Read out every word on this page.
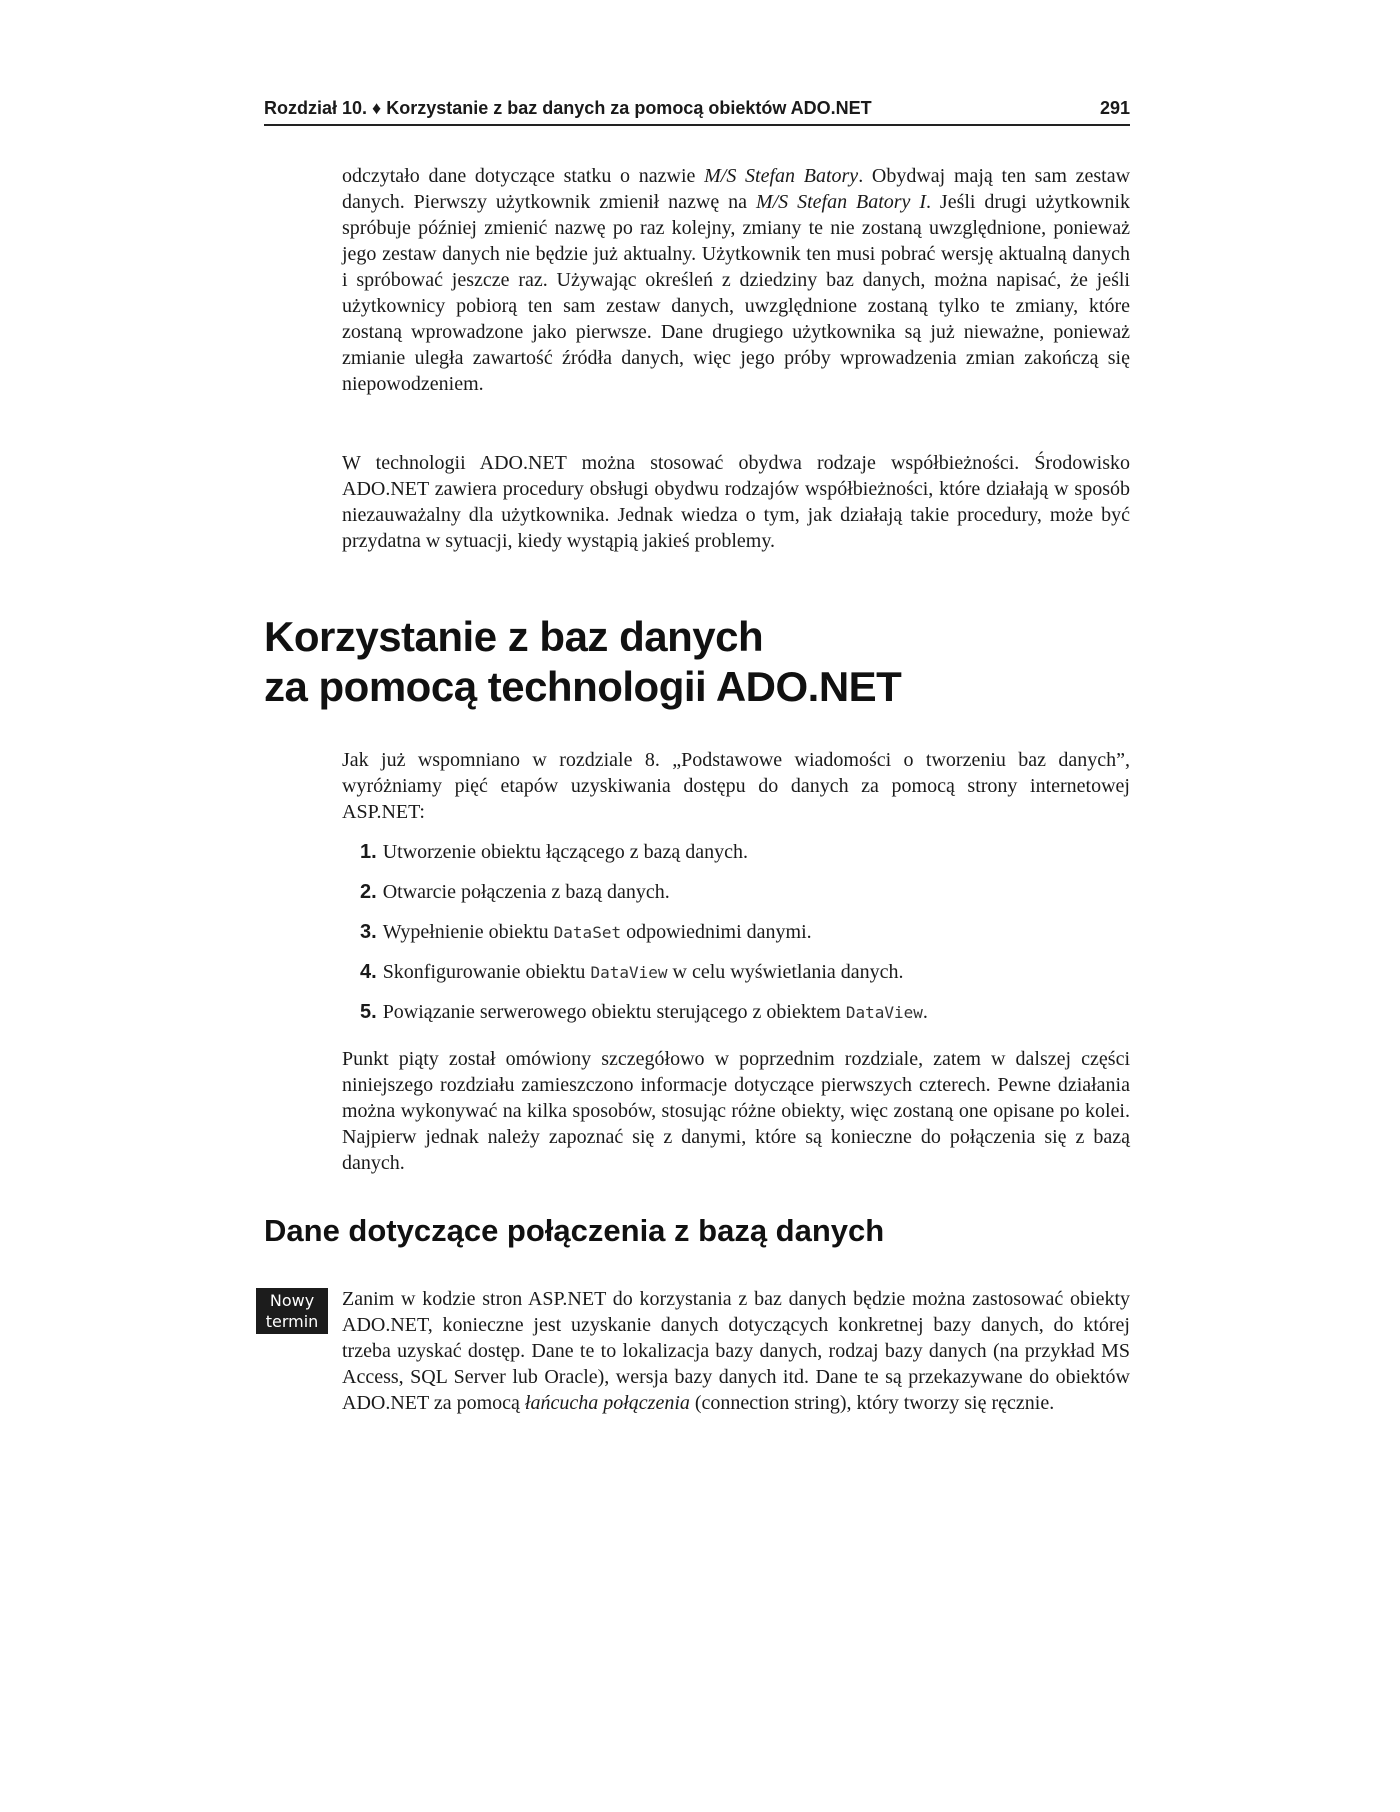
Rozdział 10. ♦ Korzystanie z baz danych za pomocą obiektów ADO.NET	291

odczytało dane dotyczące statku o nazwie M/S Stefan Batory. Obydwaj mają ten sam zestaw danych. Pierwszy użytkownik zmienił nazwę na M/S Stefan Batory I. Jeśli drugi użytkownik spróbuje później zmienić nazwę po raz kolejny, zmiany te nie zostaną uwzględnione, ponieważ jego zestaw danych nie będzie już aktualny. Użytkownik ten musi pobrać wersję aktualną danych i spróbować jeszcze raz. Używając określeń z dziedziny baz danych, można napisać, że jeśli użytkownicy pobiorą ten sam zestaw danych, uwzględnione zostaną tylko te zmiany, które zostaną wprowadzone jako pierwsze. Dane drugiego użytkownika są już nieważne, ponieważ zmianie uległa zawartość źródła danych, więc jego próby wprowadzenia zmian zakończą się niepowodzeniem.

W technologii ADO.NET można stosować obydwa rodzaje współbieżności. Środowisko ADO.NET zawiera procedury obsługi obydwu rodzajów współbieżności, które działają w sposób niezauważalny dla użytkownika. Jednak wiedza o tym, jak działają takie procedury, może być przydatna w sytuacji, kiedy wystąpią jakieś problemy.

Korzystanie z baz danych
za pomocą technologii ADO.NET

Jak już wspomniano w rozdziale 8. „Podstawowe wiadomości o tworzeniu baz danych”, wyróżniamy pięć etapów uzyskiwania dostępu do danych za pomocą strony internetowej ASP.NET:

1. Utworzenie obiektu łączącego z bazą danych.
2. Otwarcie połączenia z bazą danych.
3. Wypełnienie obiektu DataSet odpowiednimi danymi.
4. Skonfigurowanie obiektu DataView w celu wyświetlania danych.
5. Powiązanie serwerowego obiektu sterującego z obiektem DataView.

Punkt piąty został omówiony szczegółowo w poprzednim rozdziale, zatem w dalszej części niniejszego rozdziału zamieszczono informacje dotyczące pierwszych czterech. Pewne działania można wykonywać na kilka sposobów, stosując różne obiekty, więc zostaną one opisane po kolei. Najpierw jednak należy zapoznać się z danymi, które są konieczne do połączenia się z bazą danych.

Dane dotyczące połączenia z bazą danych
Nowy
termin

Zanim w kodzie stron ASP.NET do korzystania z baz danych będzie można zastosować obiekty ADO.NET, konieczne jest uzyskanie danych dotyczących konkretnej bazy danych, do której trzeba uzyskać dostęp. Dane te to lokalizacja bazy danych, rodzaj bazy danych (na przykład MS Access, SQL Server lub Oracle), wersja bazy danych itd. Dane te są przekazywane do obiektów ADO.NET za pomocą łańcucha połączenia (connection string), który tworzy się ręcznie.
